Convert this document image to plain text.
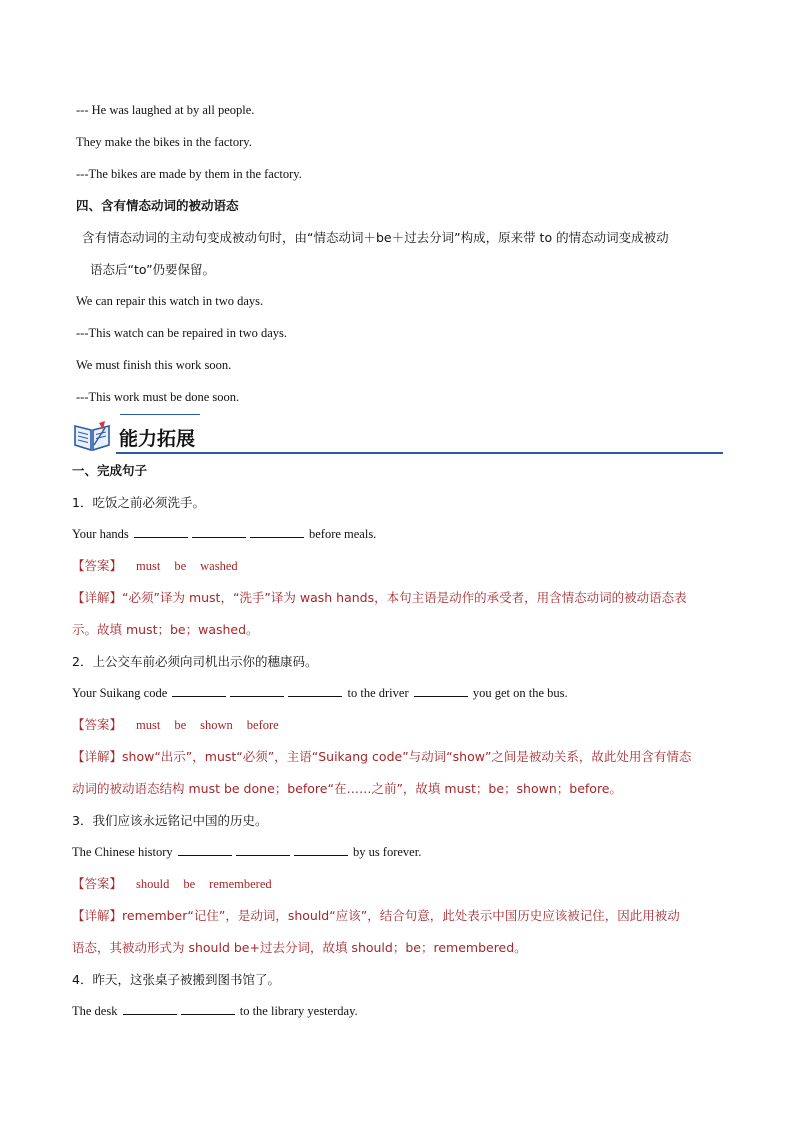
--- He was laughed at by all people.
They make the bikes in the factory.
---The bikes are made by them in the factory.
四、含有情态动词的被动语态
含有情态动词的主动句变成被动句时，由“情态动词＋be＋过去分词”构成，原来带 to 的情态动词变成被动
语态后“to”仍要保留。
We can repair this watch in two days.
---This watch can be repaired in two days.
We must finish this work soon.
---This work must be done soon.
能力拓展
一、完成句子
1．吃饭之前必须洗手。
Your hands	before meals.
【答案】 must be washed
【详解】“必须”译为 must，“洗手”译为 wash hands，本句主语是动作的承受者，用含情态动词的被动语态表
示。故填 must；be；washed。
2．上公交车前必须向司机出示你的穗康码。
Your Suikang code	to the driver	you get on the bus.
【答案】 must be shown before
【详解】show“出示”，must“必须”，主语“Suikang code”与动词“show”之间是被动关系，故此处用含有情态
动词的被动语态结构 must be done；before“在……之前”，故填 must；be；shown；before。
3．我们应该永远铭记中国的历史。
The Chinese history	by us forever.
【答案】 should be remembered
【详解】remember“记住”，是动词，should“应该”，结合句意，此处表示中国历史应该被记住，因此用被动
语态，其被动形式为 should be+过去分词，故填 should；be；remembered。
4．昨天，这张桌子被搬到图书馆了。
The desk	to the library yesterday.
